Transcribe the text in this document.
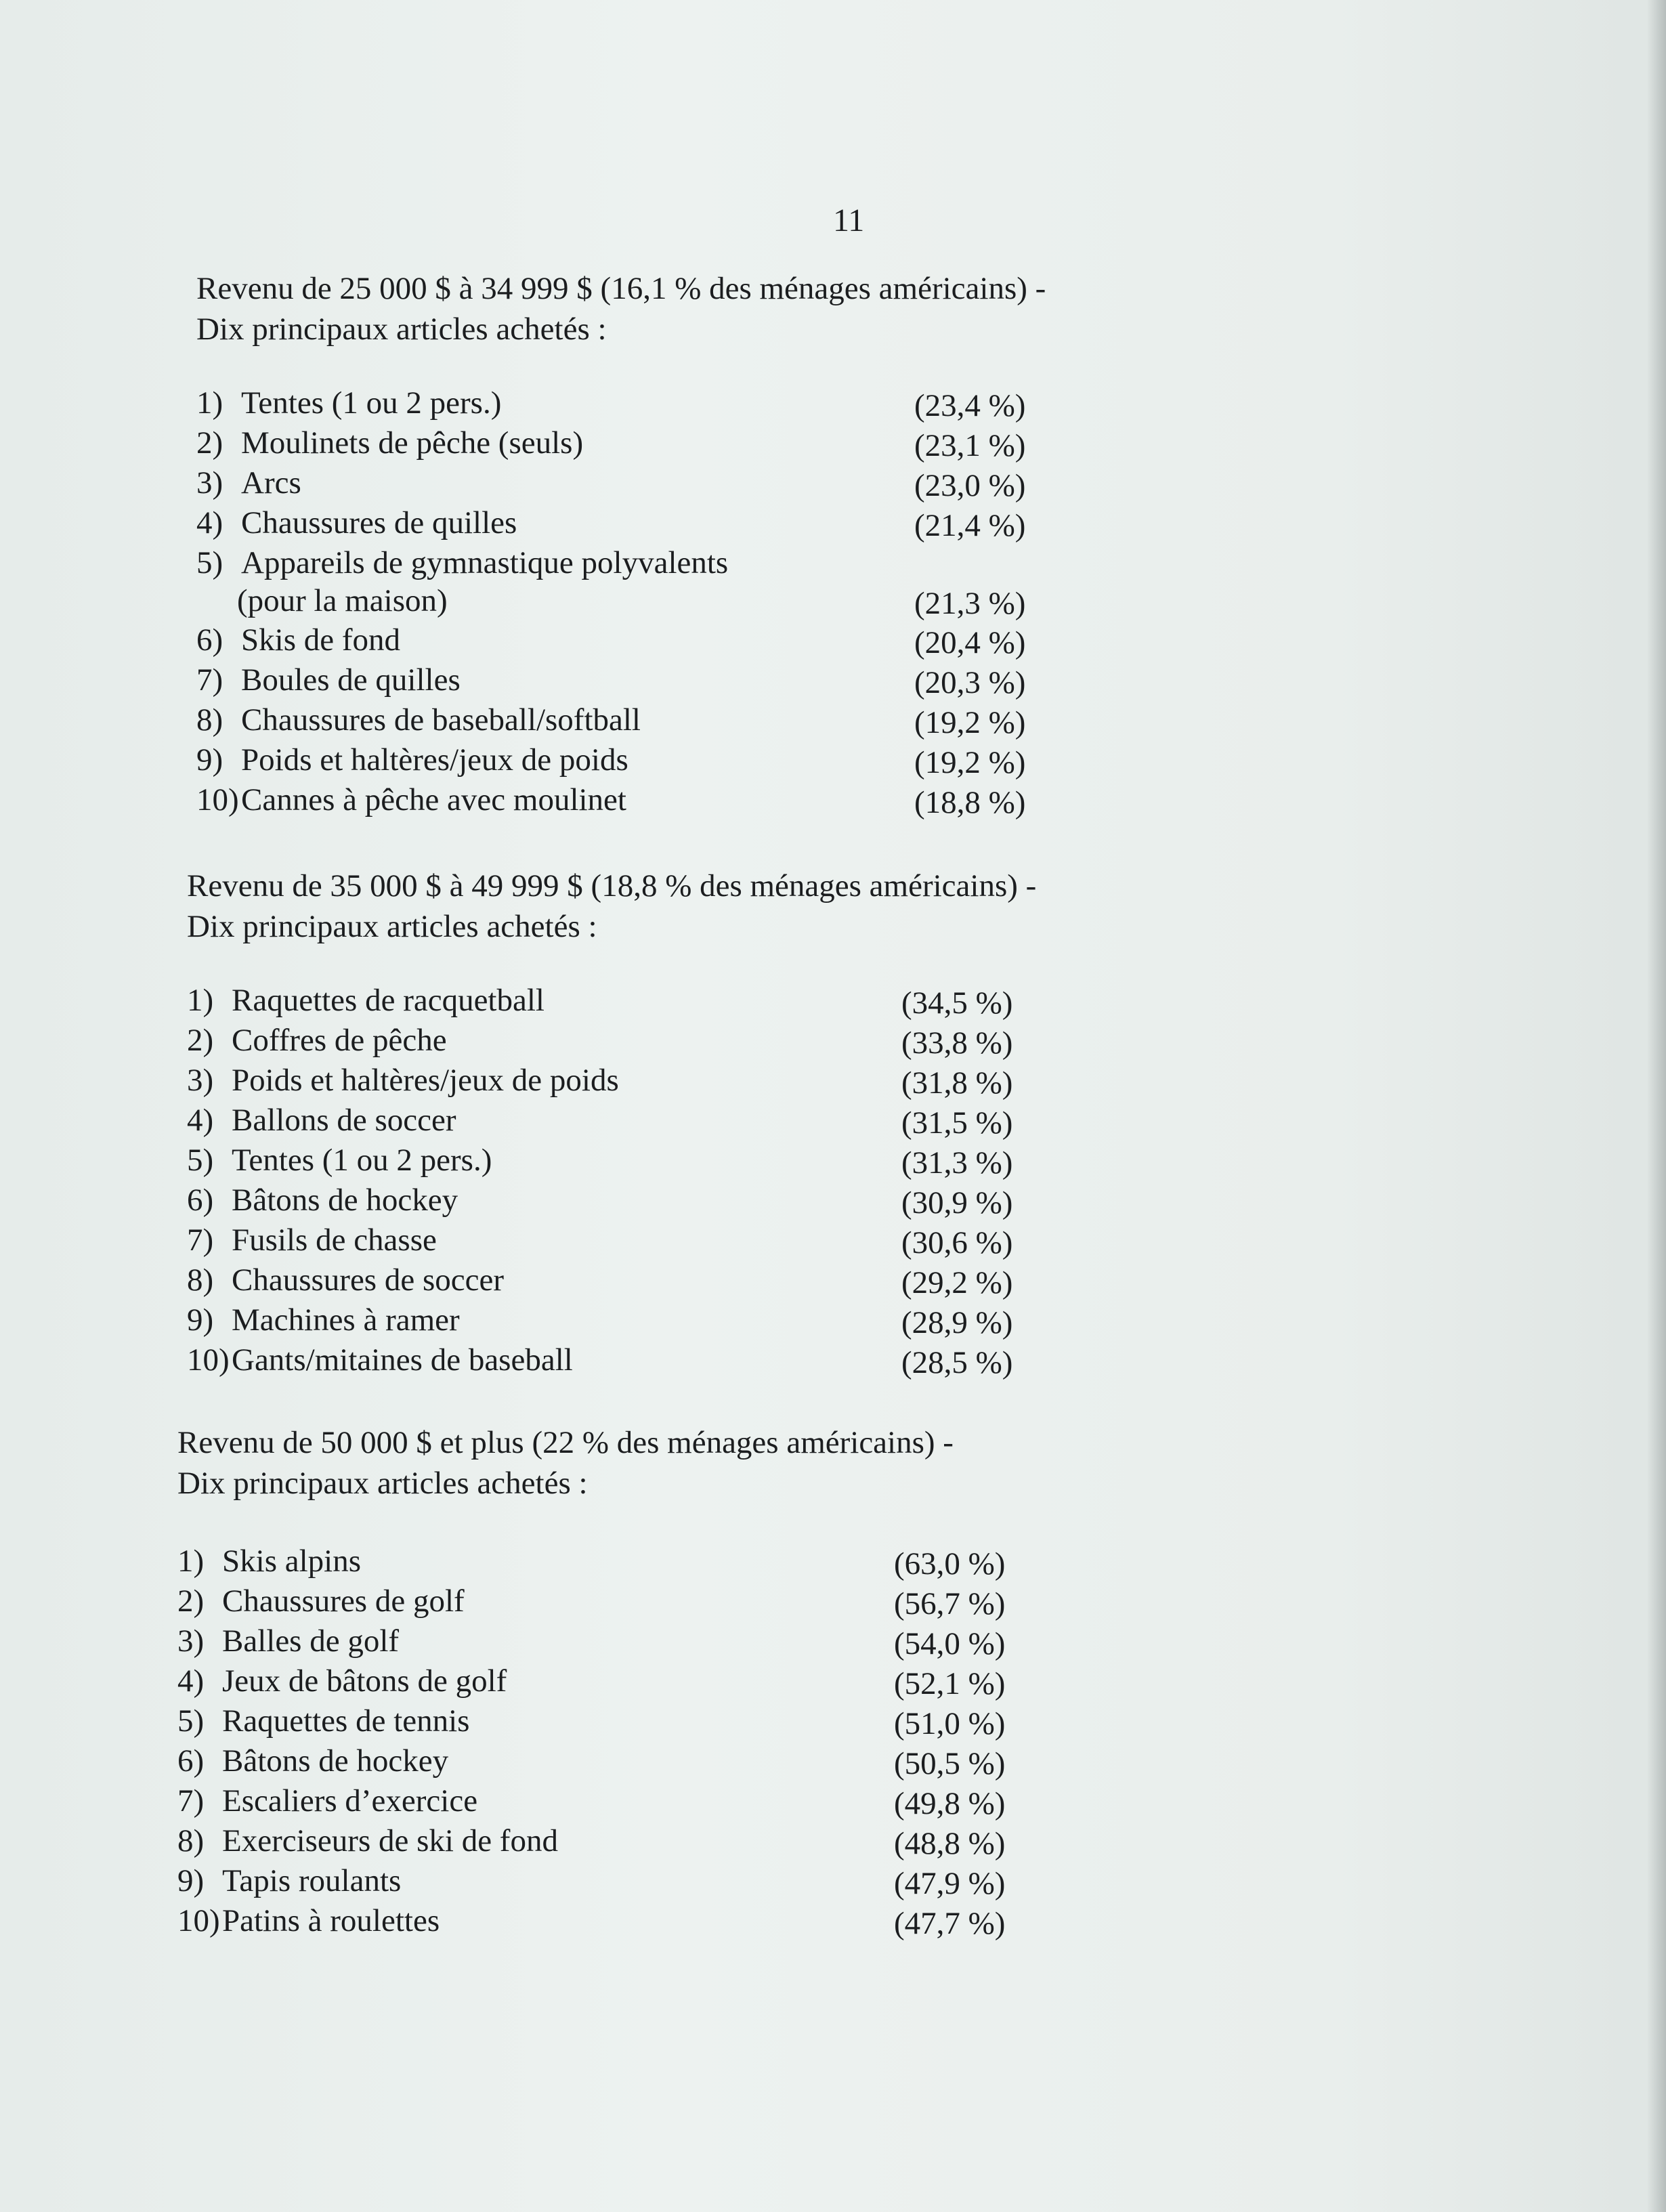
11
Revenu de 25 000 $ à 34 999 $ (16,1 % des ménages américains) -
Dix principaux articles achetés :
1) Tentes (1 ou 2 pers.)	(23,4 %)
2) Moulinets de pêche (seuls)	(23,1 %)
3) Arcs	(23,0 %)
4) Chaussures de quilles	(21,4 %)
5) Appareils de gymnastique polyvalents
(pour la maison)	(21,3 %)
6) Skis de fond	(20,4 %)
7) Boules de quilles	(20,3 %)
8) Chaussures de baseball/softball	(19,2 %)
9) Poids et haltères/jeux de poids	(19,2 %)
10)Cannes à pêche avec moulinet	(18,8 %)
Revenu de 35 000 $ à 49 999 $ (18,8 % des ménages américains) -
Dix principaux articles achetés :
1) Raquettes de racquetball	(34,5 %)
2) Coffres de pêche	(33,8 %)
3) Poids et haltères/jeux de poids	(31,8 %)
4) Ballons de soccer	(31,5 %)
5) Tentes (1 ou 2 pers.)	(31,3 %)
6) Bâtons de hockey	(30,9 %)
7) Fusils de chasse	(30,6 %)
8) Chaussures de soccer	(29,2 %)
9) Machines à ramer	(28,9 %)
10)Gants/mitaines de baseball	(28,5 %)
Revenu de 50 000 $ et plus (22 % des ménages américains) -
Dix principaux articles achetés :
1) Skis alpins	(63,0 %)
2) Chaussures de golf	(56,7 %)
3) Balles de golf	(54,0 %)
4) Jeux de bâtons de golf	(52,1 %)
5) Raquettes de tennis	(51,0 %)
6) Bâtons de hockey	(50,5 %)
7) Escaliers d’exercice	(49,8 %)
8) Exerciseurs de ski de fond	(48,8 %)
9) Tapis roulants	(47,9 %)
10)Patins à roulettes	(47,7 %)
